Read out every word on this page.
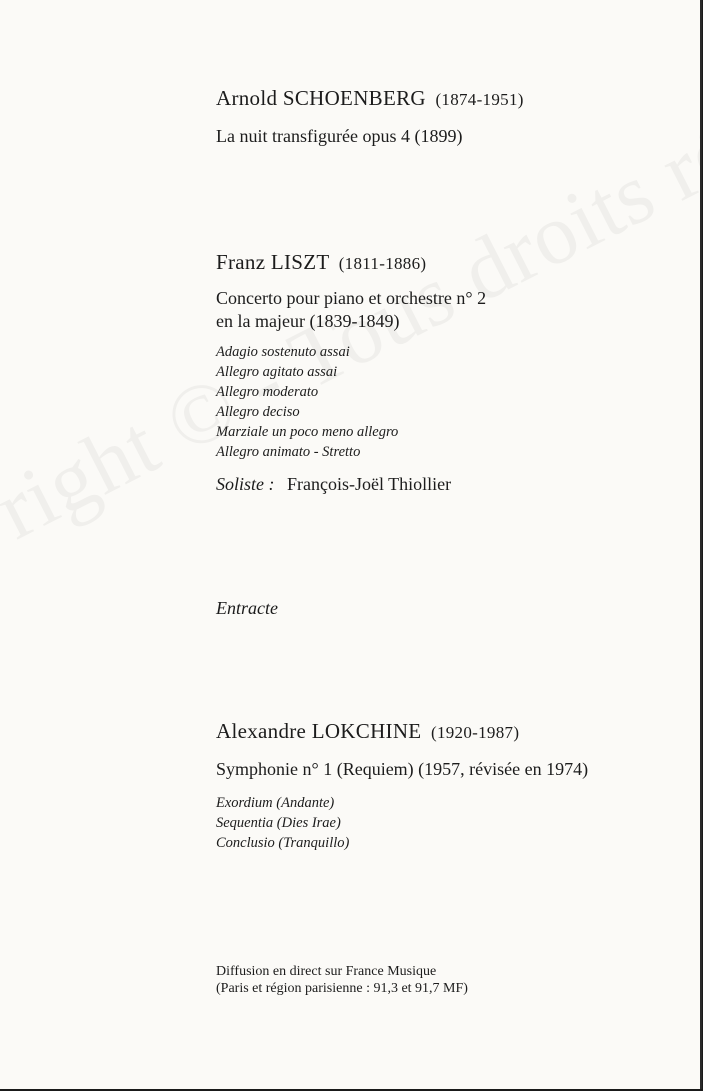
Arnold SCHOENBERG (1874-1951)
La nuit transfigurée opus 4 (1899)
Franz LISZT (1811-1886)
Concerto pour piano et orchestre n° 2
en la majeur (1839-1849)
Adagio sostenuto assai
Allegro agitato assai
Allegro moderato
Allegro deciso
Marziale un poco meno allegro
Allegro animato - Stretto
Soliste : François-Joël Thiollier
Entracte
Alexandre LOKCHINE (1920-1987)
Symphonie n° 1 (Requiem) (1957, révisée en 1974)
Exordium (Andante)
Sequentia (Dies Irae)
Conclusio (Tranquillo)
Diffusion en direct sur France Musique
(Paris et région parisienne : 91,3 et 91,7 MF)
